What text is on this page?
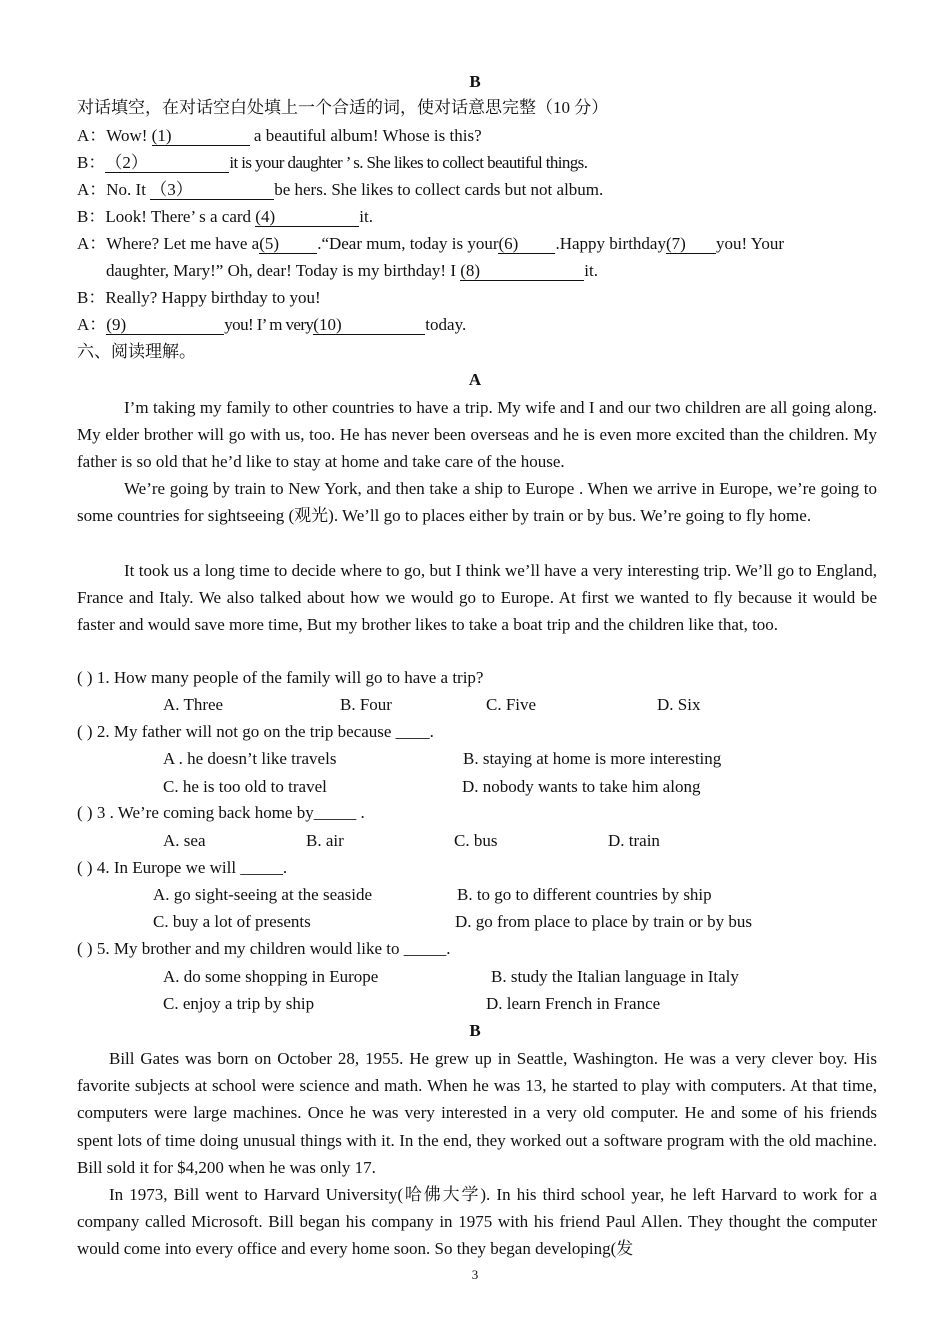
B
对话填空，在对话空白处填上一个合适的词，使对话意思完整（10 分）
A：Wow! (1)	a beautiful album! Whose is this?
B：（2）	it is your daughter ’ s. She likes to collect beautiful things.
A：No. It （3）	be hers. She likes to collect cards but not album.
B：Look! There’ s a card (4)	it.
A：Where? Let me have a(5) .“Dear mum, today is your(6) .Happy birthday(7) you! Your
daughter, Mary!” Oh, dear! Today is my birthday! I (8)	it.
B：Really? Happy birthday to you!
A：(9)	you! I’ m very(10)	today.
六、阅读理解。
A
I’m taking my family to other countries to have a trip. My wife and I and our two children are all going along. My elder brother will go with us, too. He has never been overseas and he is even more excited than the children. My father is so old that he’d like to stay at home and take care of the house.
We’re going by train to New York, and then take a ship to Europe . When we arrive in Europe, we’re going to some countries for sightseeing (观光). We’ll go to places either by train or by bus. We’re going to fly home.
It took us a long time to decide where to go, but I think we’ll have a very interesting trip. We’ll go to England, France and Italy. We also talked about how we would go to Europe. At first we wanted to fly because it would be faster and would save more time, But my brother likes to take a boat trip and the children like that, too.
( ) 1. How many people of the family will go to have a trip?
A. Three	B. Four	C. Five	D. Six
( ) 2. My father will not go on the trip because ____.
A . he doesn’t like travels	B. staying at home is more interesting
C. he is too old to travel	D. nobody wants to take him along
( ) 3 . We’re coming back home by_____ .
A. sea	B. air	C. bus	D. train
( ) 4. In Europe we will _____.
A. go sight-seeing at the seaside	B. to go to different countries by ship
C. buy a lot of presents	D. go from place to place by train or by bus
( ) 5. My brother and my children would like to _____.
A. do some shopping in Europe	B. study the Italian language in Italy
C. enjoy a trip by ship	D. learn French in France
B
Bill Gates was born on October 28, 1955. He grew up in Seattle, Washington. He was a very clever boy. His favorite subjects at school were science and math. When he was 13, he started to play with computers. At that time, computers were large machines. Once he was very interested in a very old computer. He and some of his friends spent lots of time doing unusual things with it. In the end, they worked out a software program with the old machine. Bill sold it for $4,200 when he was only 17.
In 1973, Bill went to Harvard University(哈佛大学). In his third school year, he left Harvard to work for a company called Microsoft. Bill began his company in 1975 with his friend Paul Allen. They thought the computer would come into every office and every home soon. So they began developing(发
3
